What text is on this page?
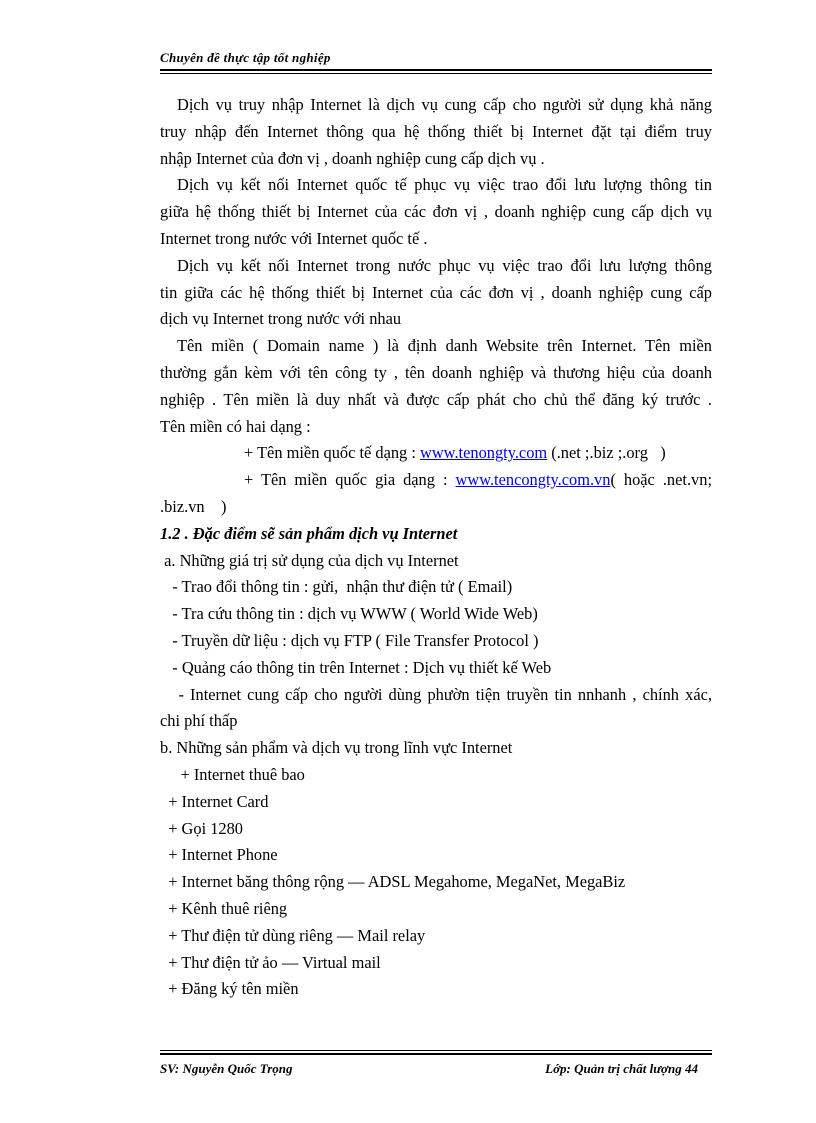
Chuyên đề thực tập tốt nghiệp

Dịch vụ truy nhập Internet là dịch vụ cung cấp cho người sử dụng khả năng

truy nhập đến Internet thông qua hệ thống thiết bị Internet đặt tại điểm truy

nhập Internet của đơn vị , doanh nghiệp cung cấp dịch vụ .

Dịch vụ kết nối Internet quốc tế phục vụ việc trao đổi lưu lượng thông tin

giữa hệ thống thiết bị Internet của các đơn vị , doanh nghiệp cung cấp dịch vụ

Internet trong nước với Internet quốc tế .

Dịch vụ kết nối Internet trong nước phục vụ việc trao đổi lưu lượng thông

tin giữa các hệ thống thiết bị Internet của các đơn vị , doanh nghiệp cung cấp

dịch vụ Internet trong nước với nhau

Tên miền ( Domain name ) là định danh Website trên Internet. Tên miền

thường gắn kèm với tên công ty , tên doanh nghiệp và thương hiệu của doanh

nghiệp . Tên miền là duy nhất và được cấp phát cho chủ thể đăng ký trước .

Tên miền có hai dạng :

+ Tên miền quốc tế dạng : www.tenongty.com (.net ;.biz ;.org   )

+ Tên miền quốc gia dạng : www.tencongty.com.vn( hoặc .net.vn;

.biz.vn    )

1.2 . Đặc điểm sẽ sản phẩm dịch vụ Internet

a. Những giá trị sử dụng của dịch vụ Internet

- Trao đổi thông tin : gửi,  nhận thư điện tử ( Email)

- Tra cứu thông tin : dịch vụ WWW ( World Wide Web)

- Truyền dữ liệu : dịch vụ FTP ( File Transfer Protocol )

- Quảng cáo thông tin trên Internet : Dịch vụ thiết kế Web

- Internet cung cấp cho người dùng phườn tiện truyền tin nnhanh , chính xác,

chi phí thấp

b. Những sản phẩm và dịch vụ trong lĩnh vực Internet

+ Internet thuê bao

+ Internet Card

+ Gọi 1280

+ Internet Phone

+ Internet băng thông rộng — ADSL Megahome, MegaNet, MegaBiz

+ Kênh thuê riêng

+ Thư điện tử dùng riêng — Mail relay

+ Thư điện tử ảo — Virtual mail

+ Đăng ký tên miền

SV: Nguyễn Quốc Trọng	Lớp: Quản trị chất lượng 44
